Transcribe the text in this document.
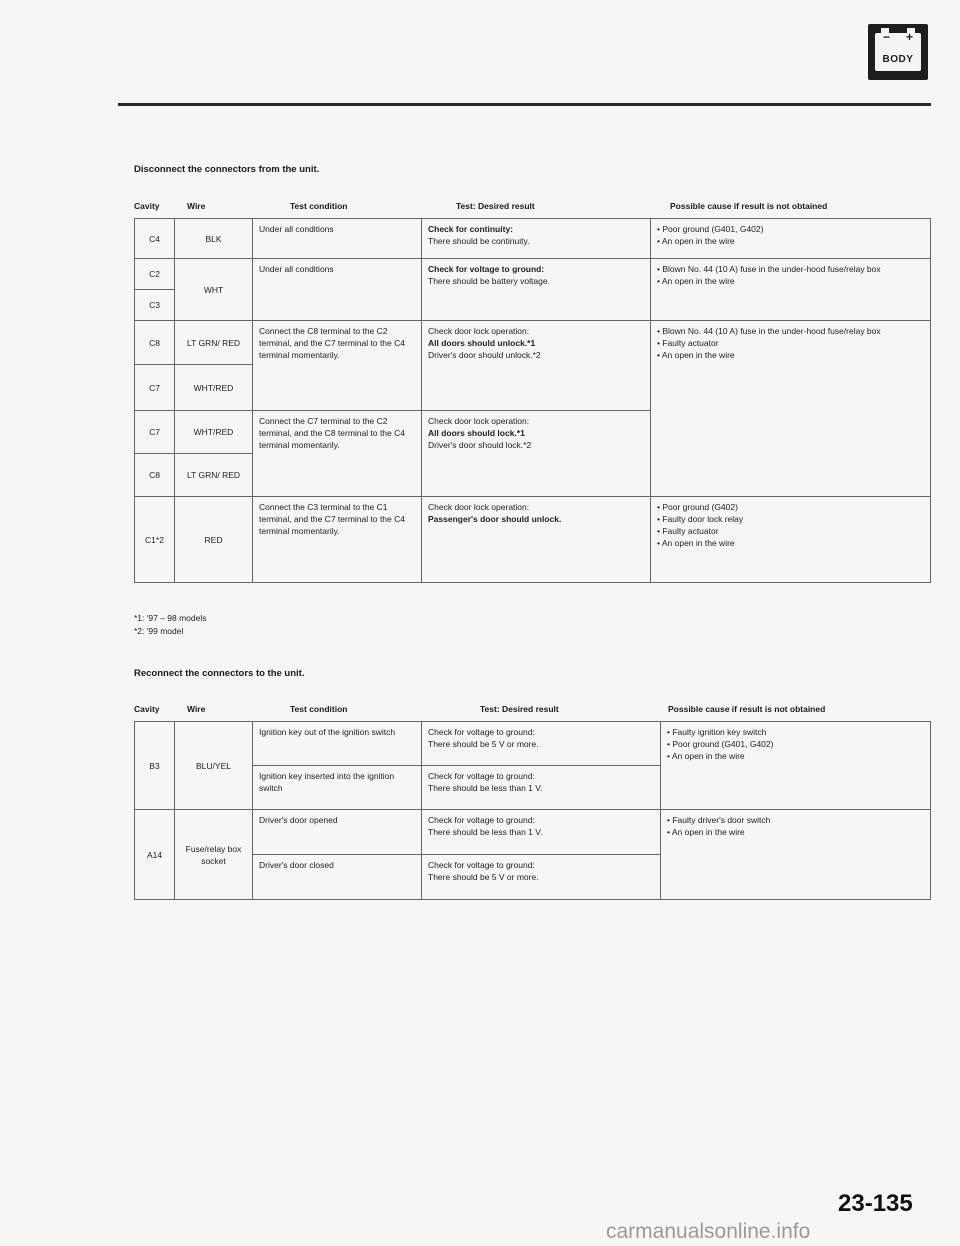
− +
BODY
Disconnect the connectors from the unit.
Cavity	Wire	Test condition	Test: Desired result	Possible cause if result is not obtained
C4	BLK	Under all conditions	Check for continuity:
There should be continuity.	• Poor ground (G401, G402)
• An open in the wire

C2	WHT	Under all conditions	Check for voltage to ground:
There should be battery voltage.	• Blown No. 44 (10 A) fuse in the under-hood fuse/relay box
• An open in the wire

C3				
C8	LT GRN/ RED	Connect the C8 terminal to the C2 terminal, and the C7 terminal to the C4 terminal momentarily.	Check door lock operation:
All doors should unlock.*1
Driver's door should unlock.*2	• Blown No. 44 (10 A) fuse in the under-hood fuse/relay box
• Faulty actuator
• An open in the wire

C7	WHT/RED			
C7	WHT/RED	Connect the C7 terminal to the C2 terminal, and the C8 terminal to the C4 terminal momentarily.	Check door lock operation:
All doors should lock.*1
Driver's door should lock.*2	

C8	LT GRN/ RED			
C1*2	RED	Connect the C3 terminal to the C1 terminal, and the C7 terminal to the C4 terminal momentarily.	Check door lock operation:
Passenger's door should unlock.	• Poor ground (G402)
• Faulty door lock relay
• Faulty actuator
• An open in the wire
*1: '97 – 98 models
*2: '99 model
Reconnect the connectors to the unit.
Cavity	Wire	Test condition	Test: Desired result	Possible cause if result is not obtained
B3	BLU/YEL	Ignition key out of the ignition switch	Check for voltage to ground:
There should be 5 V or more.	• Faulty ignition key switch
• Poor ground (G401, G402)
• An open in the wire

		Ignition key inserted into the ignition switch	Check for voltage to ground:
There should be less than 1 V.	

A14	Fuse/relay box socket	Driver's door opened	Check for voltage to ground:
There should be less than 1 V.	• Faulty driver's door switch
• An open in the wire

		Driver's door closed	Check for voltage to ground:
There should be 5 V or more.	
23-135
carmanualsonline.info
